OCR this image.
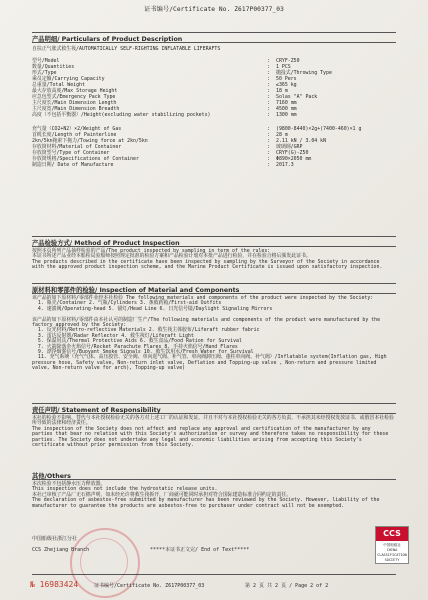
证书编号/Certificate No. Z617P00377_03
产品明细/ Particulars of Product Description
自扶正气胀式救生筏/AUTOMATICALLY SELF-RIGHTING INFLATABLE LIFERAFTS
型号/Model	:	CRYF-Z50
数量/Quantities	:	1 PCS
形式/Type	:	抛投式/Throwing Type
乘员定额/Carrying Capacity	:	50 Pers
总重量/Total Weight	:	≤365 kg
最大存放高度/Max Storage Height	:	18 m
应急包型式/Emergency Pack Type	:	Solas "A" Pack
主尺度长/Main Dimension Length	:	7160 mm
主尺度宽/Main Dimension Breadth	:	4500 mm
高度（不包括平衡器）/Height(excluding water stabilizing pockets)	:	1300 mm
充气量（CO2+N2）×2/Weight of Gas	:	(9800-8440)×2g+(7400-460)×1 g
首缆长度/Length of Painterline	:	28 m
2kn/5kn拖索下拖力/Towing force at 2kn/5kn	:	2.11 kN / 3.04 kN
存放筒材料/Material of Container	:	玻璃钢/GRP
存放筒型号/Type of Container	:	CRYF(G)-Z50
存放筒规格/Specifications of Container	:	Φ890×2050 mm
制造日期/ Date of Manufacture	:	2017.3
产品检验方式/ Method of Product Inspection
按照本页所列产品抽样检验的产品/The product inspected by sampling in term of the rules:
本证书所述产品业经本船检局验船师按照规定批准的检验方案和产品检验计划对本批产品进行检验，并在检验合格后颁发此证书。
The products described in the certificate have been inspected by sampling by the Surveyor of the Society in accordance with the approved product inspection scheme, and the Marine Product Certificate is issued upon satisfactory inspection.
原材料和零部件的检验/ Inspection of Material and Components
该产品的如下原材料/零部件业经本社检验 The following materials and components of the product were inspected by the Society:
1. 瓶壳/Container 2. 气瓶/Cylinders 3. 条救药箱/First-aid Outfits
4. 速溃阀/Operating-head 5. 锚灯/Head Line 6. 日光信号镜/Daylight Signaling Mirrors

该产品的如下原材料/零部件由本社认可的制造厂生产/The following materials and components of the product were manufactured by the factory approved by the Society:
1. 反光材料/Retro-reflective Materials 2. 救生筏主体胶布/Liferaft rubber fabric
3. 雷达反射器/Radar Reflector 4. 救生筏灯/Liferaft Light
5. 保温用具/Thermal Protective Aids 6. 救生食品/Food Ration for Survival
7. 火箭降落伞火焰信号/Rocket Parachute Flares 8. 手持火焰信号/Hand Flares
9. 漂浮烟雾信号/Buoyant Smoke Signals 10. 救生饮用水/Fresh Water for Survival
11. 充气系统（充气气体、高压胶管、安全阀、单向进气阀、补气管、单向阀卸压阀、蓬柱单向阀、补气阀）/Inflatable system(Inflation gas, High pressure hose, Safety valve, Non-return inlet valve, Deflation and Topping-up valve , Non-return and pressure limited valve, Non-return valve for arch), Topping-up valve)
责任声明/ Statement of Responsibility
本社的检验不影响、替代与本社授权检验无关的各方对上述工厂的认证和发证，并且不对与本社授权检验无关的各方负责，不承担其未经授权发放证书、或假冒本社检验所导致的法律和经济责任。
The inspection of the Society does not affect and replace any approval and certification of the manufacturer by any parties that bear no relation with this Society's authorization or survey and therefore takes no responsibility for these parties. The Society does not undertake any legal and economic liabilities arising from accepting this Society's certificate without prior permission from this Society.
其他/Others
本次检验不包括静水压力释放器。
This inspection does not include the hydrostatic release units.
本社已审核了产品厂无石棉声明，如未经允许将救生筏拆开，厂商就可能同时承担对符合国际建造标准合同约定的责任。
The declaration of asbestos-free submitted by manufacturer has been reviewed by the Society. However, liability of the manufacturer to guarantee the products are asbestos-free to purchaser under contract will not be exempted.
中国船级社浙江分社
CCS Zhejiang Branch	*****本证书正文完/ End of Text*****
CCS
中国船级社
CHINA CLASSIFICATION SOCIETY
№ 16983424	证书编号/Certificate No. Z617P00377_03	第 2 页 共 2 页 / Page 2 of 2
